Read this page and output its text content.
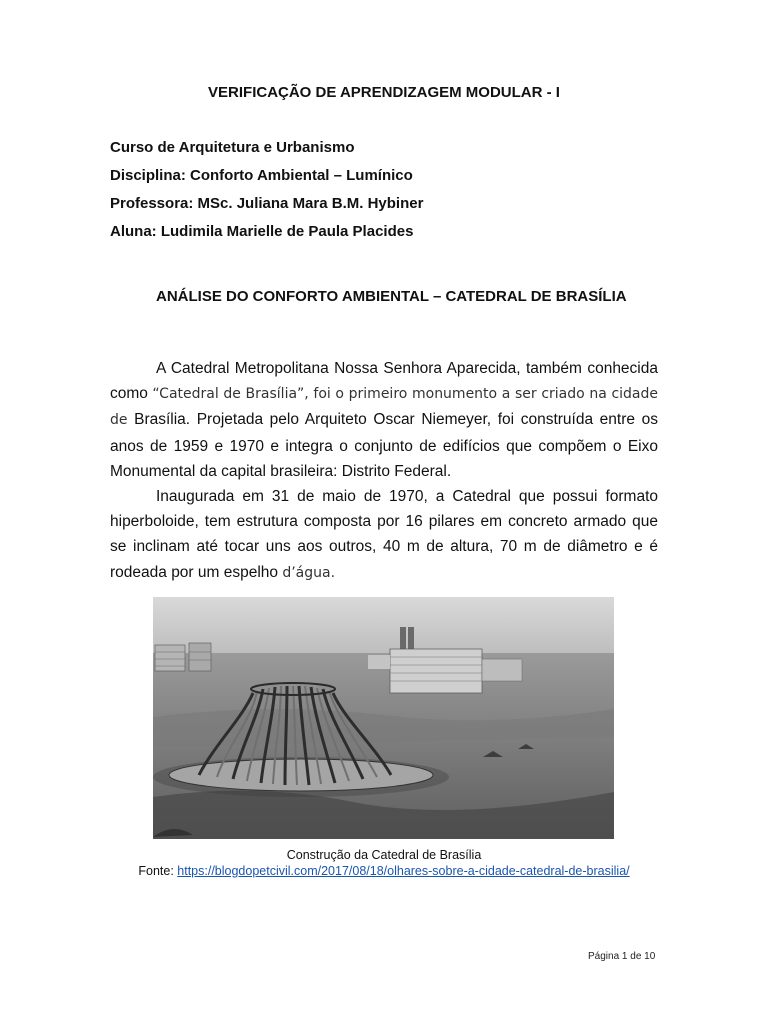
VERIFICAÇÃO DE APRENDIZAGEM MODULAR - I
Curso de Arquitetura e Urbanismo
Disciplina: Conforto Ambiental – Lumínico
Professora: MSc. Juliana Mara B.M. Hybiner
Aluna: Ludimila Marielle de Paula Placides
ANÁLISE DO CONFORTO AMBIENTAL – CATEDRAL DE BRASÍLIA

A Catedral Metropolitana Nossa Senhora Aparecida, também conhecida como “Catedral de Brasília”, foi o primeiro monumento a ser criado na cidade de Brasília. Projetada pelo Arquiteto Oscar Niemeyer, foi construída entre os anos de 1959 e 1970 e integra o conjunto de edifícios que compõem o Eixo Monumental da capital brasileira: Distrito Federal.

Inaugurada em 31 de maio de 1970, a Catedral que possui formato hiperboloide, tem estrutura composta por 16 pilares em concreto armado que se inclinam até tocar uns aos outros, 40 m de altura, 70 m de diâmetro e é rodeada por um espelho d’água.

Construção da Catedral de Brasília
Fonte: https://blogdopetcivil.com/2017/08/18/olhares-sobre-a-cidade-catedral-de-brasilia/
Página 1 de 10
